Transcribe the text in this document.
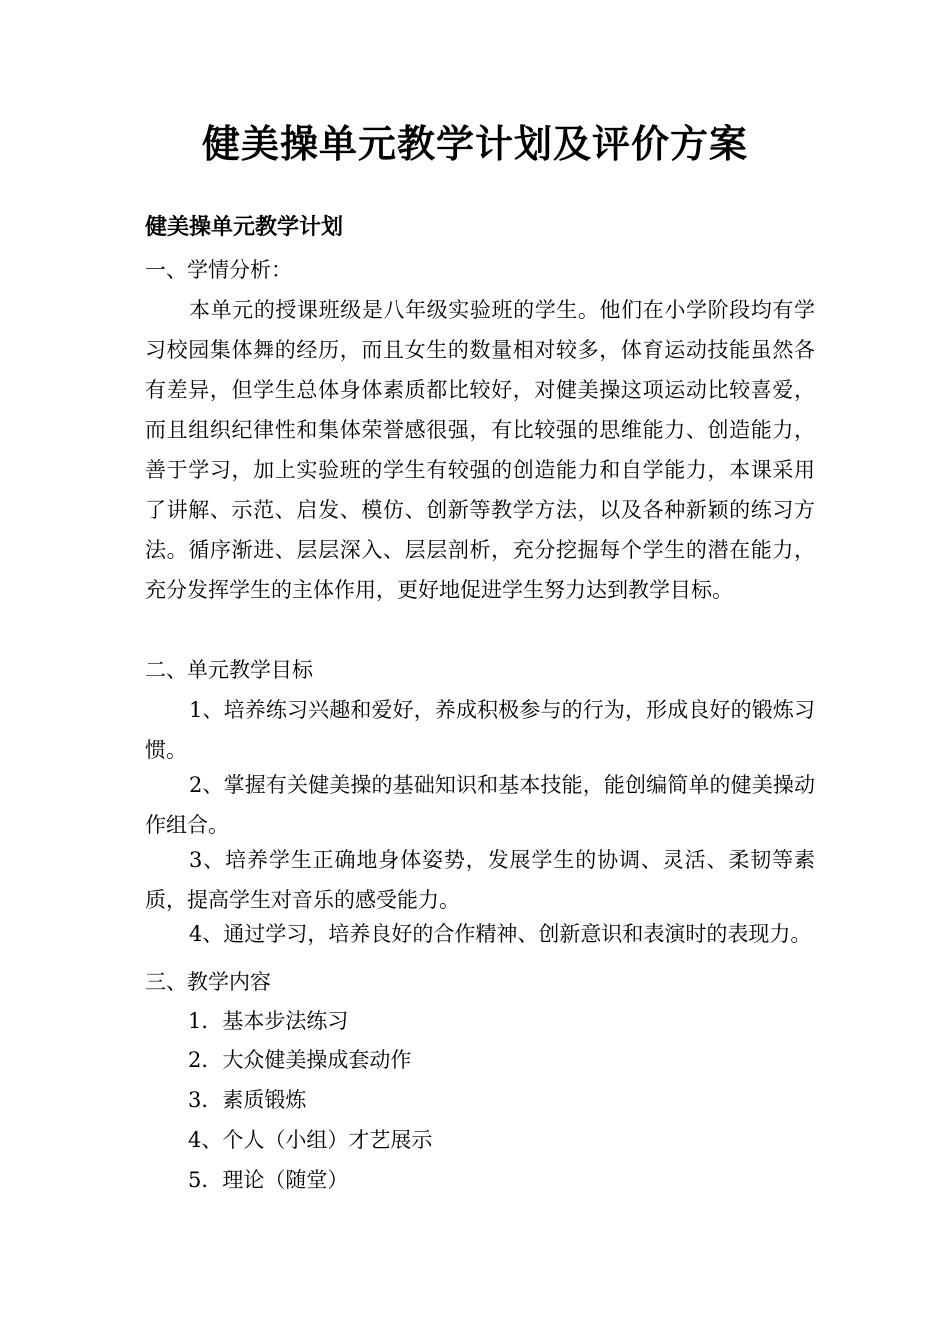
健美操单元教学计划及评价方案
健美操单元教学计划
一、学情分析：
本单元的授课班级是八年级实验班的学生。他们在小学阶段均有学习校园集体舞的经历，而且女生的数量相对较多，体育运动技能虽然各有差异，但学生总体身体素质都比较好，对健美操这项运动比较喜爱，而且组织纪律性和集体荣誉感很强，有比较强的思维能力、创造能力，善于学习，加上实验班的学生有较强的创造能力和自学能力，本课采用了讲解、示范、启发、模仿、创新等教学方法，以及各种新颖的练习方法。循序渐进、层层深入、层层剖析，充分挖掘每个学生的潜在能力，充分发挥学生的主体作用，更好地促进学生努力达到教学目标。
二、单元教学目标
1、培养练习兴趣和爱好，养成积极参与的行为，形成良好的锻炼习惯。
2、掌握有关健美操的基础知识和基本技能，能创编简单的健美操动作组合。
3、培养学生正确地身体姿势，发展学生的协调、灵活、柔韧等素质，提高学生对音乐的感受能力。
4、通过学习，培养良好的合作精神、创新意识和表演时的表现力。
三、教学内容
1．基本步法练习
2．大众健美操成套动作
3．素质锻炼
4、个人（小组）才艺展示
5．理论（随堂）
